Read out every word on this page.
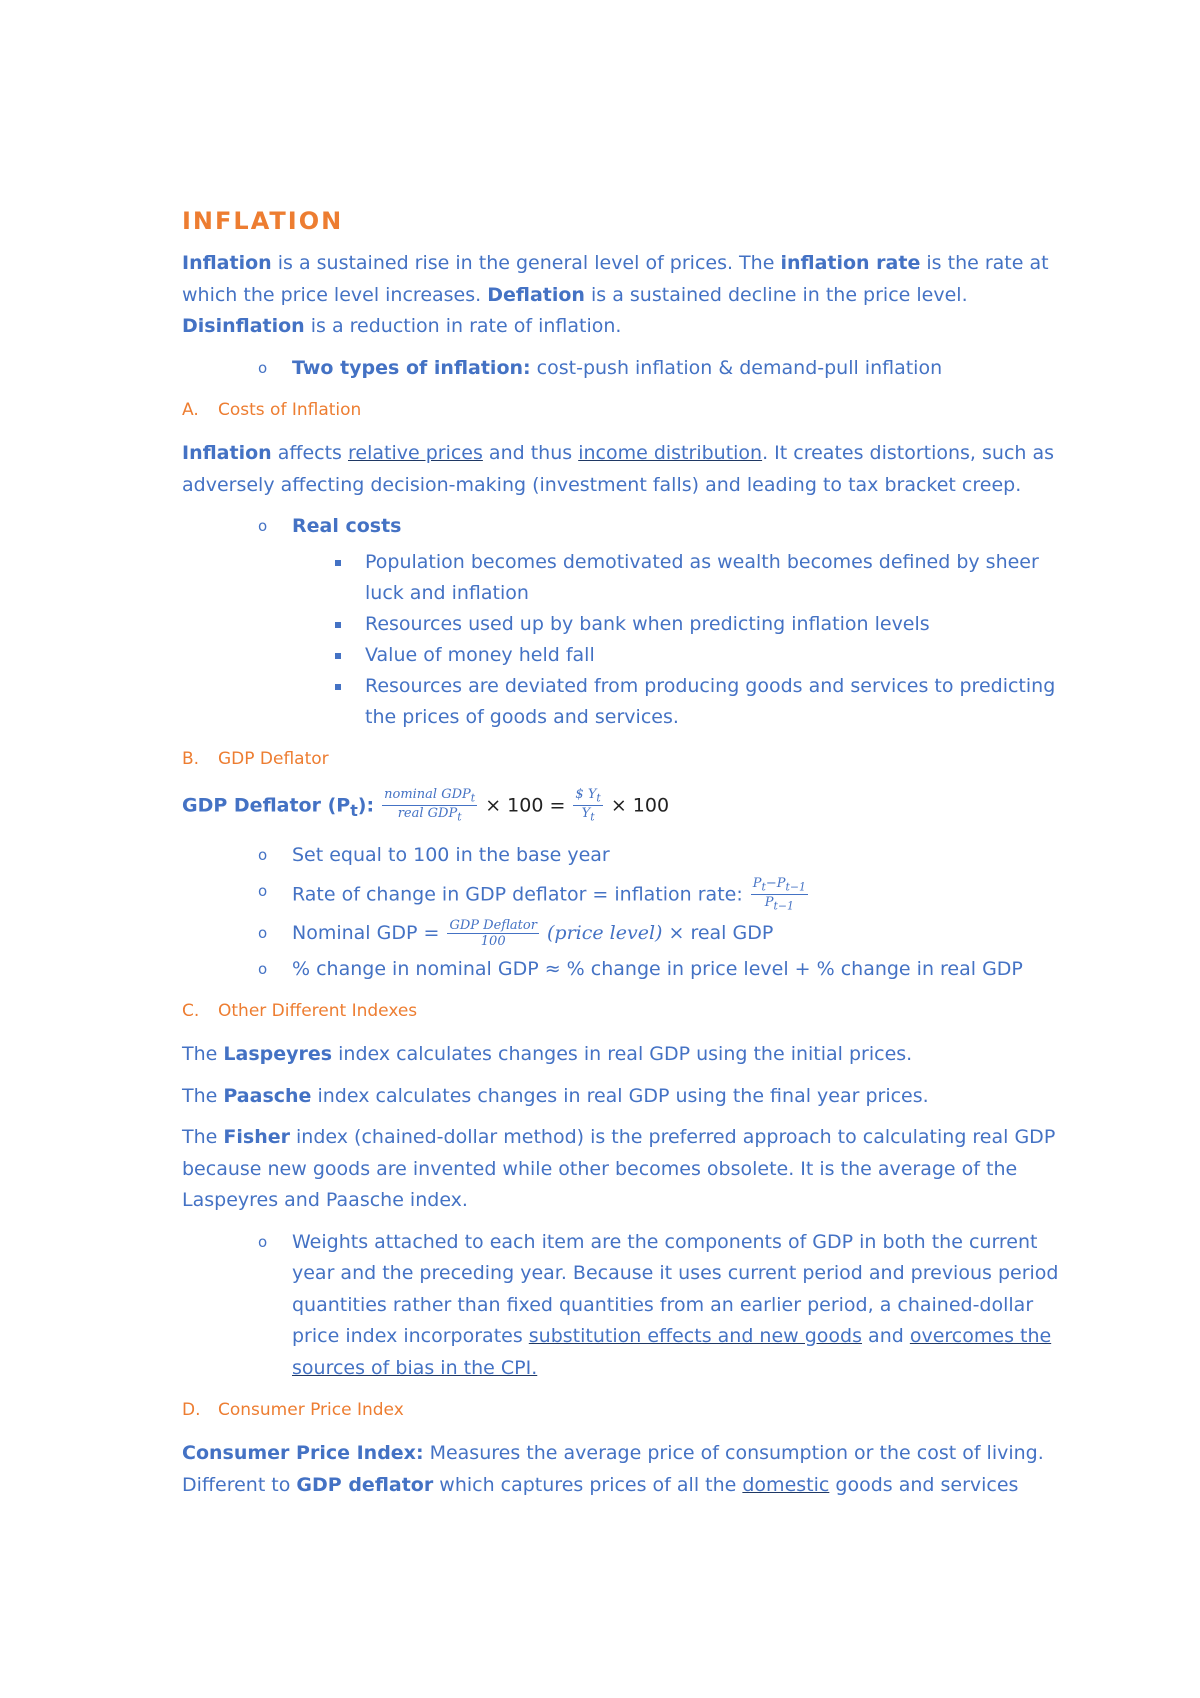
INFLATION

Inflation is a sustained rise in the general level of prices. The inflation rate is the rate at which the price level increases. Deflation is a sustained decline in the price level. Disinflation is a reduction in rate of inflation.

o Two types of inflation: cost-push inflation & demand-pull inflation
A.	Costs of Inflation

Inflation affects relative prices and thus income distribution. It creates distortions, such as adversely affecting decision-making (investment falls) and leading to tax bracket creep.

o Real costs
Population becomes demotivated as wealth becomes defined by sheer luck and inflation
Resources used up by bank when predicting inflation levels
Value of money held fall
Resources are deviated from producing goods and services to predicting the prices of goods and services.
B.	GDP Deflator

GDP Deflator $(P_t)$: $\frac{nominal GDP_t}{real GDP_t} \times 100 = \frac{\$ Y_t}{Y_t} \times 100$

o Set equal to 100 in the base year
o Rate of change in GDP deflator = inflation rate: $\frac{P_t-P_{t-1}}{P_{t-1}}$
o Nominal GDP = $\frac{\text{GDP Deflator}}{100}$ (price level) × real GDP
o % change in nominal GDP ≈ % change in price level + % change in real GDP
C.	Other Different Indexes

The Laspeyres index calculates changes in real GDP using the initial prices.

The Paasche index calculates changes in real GDP using the final year prices.

The Fisher index (chained-dollar method) is the preferred approach to calculating real GDP because new goods are invented while other becomes obsolete. It is the average of the Laspeyres and Paasche index.

o Weights attached to each item are the components of GDP in both the current year and the preceding year. Because it uses current period and previous period quantities rather than fixed quantities from an earlier period, a chained-dollar price index incorporates substitution effects and new goods and overcomes the sources of bias in the CPI.
D.	Consumer Price Index

Consumer Price Index: Measures the average price of consumption or the cost of living. Different to GDP deflator which captures prices of all the domestic goods and services
